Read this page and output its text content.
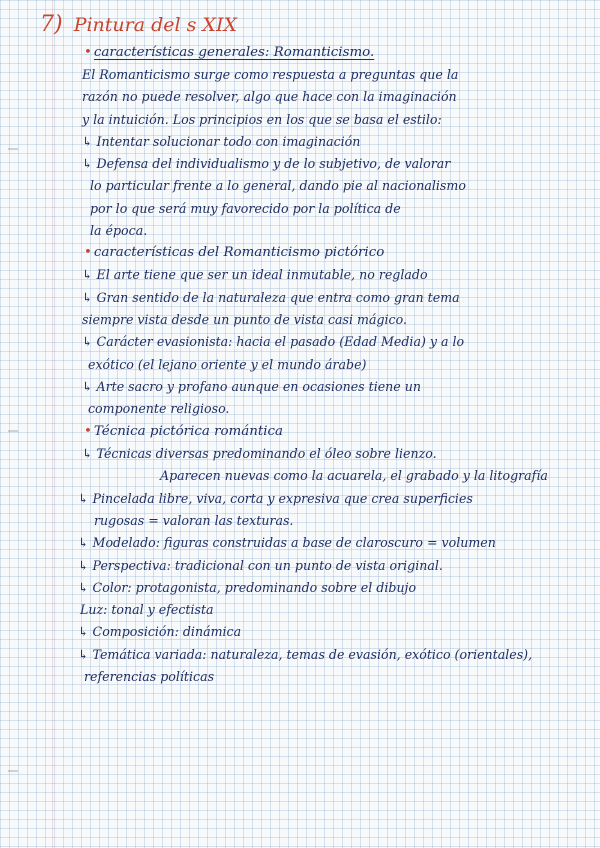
7) Pintura del s XIX
• características generales: Romanticismo.
El Romanticismo surge como respuesta a preguntas que la
razón no puede resolver, algo que hace con la imaginación
y la intuición. Los principios en los que se basa el estilo:
↳ Intentar solucionar todo con imaginación
↳ Defensa del individualismo y de lo subjetivo, de valorar
lo particular frente a lo general, dando pie al nacionalismo
por lo que será muy favorecido por la política de
la época.
• características del Romanticismo pictórico
↳ El arte tiene que ser un ideal inmutable, no reglado
↳ Gran sentido de la naturaleza que entra como gran tema
siempre vista desde un punto de vista casi mágico.
↳ Carácter evasionista: hacia el pasado (Edad Media) y a lo
exótico (el lejano oriente y el mundo árabe)
↳ Arte sacro y profano aunque en ocasiones tiene un
componente religioso.
• Técnica pictórica romántica
↳ Técnicas diversas predominando el óleo sobre lienzo.
Aparecen nuevas como la acuarela, el grabado y la litografía
↳ Pincelada libre, viva, corta y expresiva que crea superficies
rugosas = valoran las texturas.
↳ Modelado: figuras construidas a base de claroscuro = volumen
↳ Perspectiva: tradicional con un punto de vista original.
↳ Color: protagonista, predominando sobre el dibujo
Luz: tonal y efectista
↳ Composición: dinámica
↳ Temática variada: naturaleza, temas de evasión, exótico (orientales),
referencias políticas
